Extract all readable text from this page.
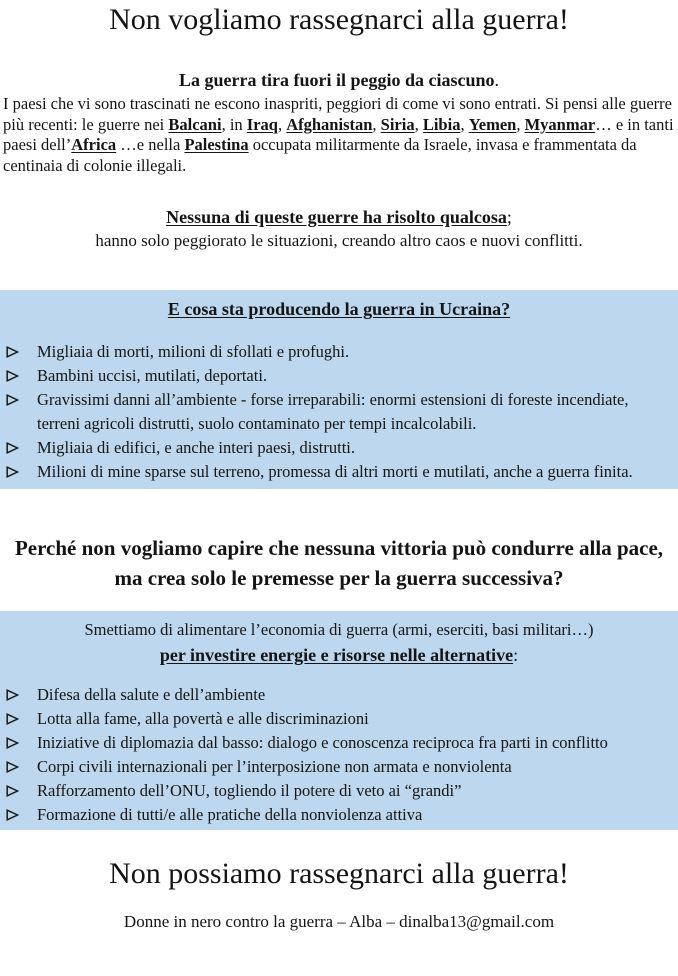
Non vogliamo rassegnarci alla guerra!

La guerra tira fuori il peggio da ciascuno.

I paesi che vi sono trascinati ne escono inaspriti, peggiori di come vi sono entrati. Si pensi alle guerre più recenti: le guerre nei Balcani, in Iraq, Afghanistan, Siria, Libia, Yemen, Myanmar… e in tanti paesi dell’Africa …e nella Palestina occupata militarmente da Israele, invasa e frammentata da centinaia di colonie illegali.

Nessuna di queste guerre ha risolto qualcosa;

hanno solo peggiorato le situazioni, creando altro caos e nuovi conflitti.

E cosa sta producendo la guerra in Ucraina?
Migliaia di morti, milioni di sfollati e profughi.
Bambini uccisi, mutilati, deportati.
Gravissimi danni all’ambiente - forse irreparabili: enormi estensioni di foreste incendiate, terreni agricoli distrutti, suolo contaminato per tempi incalcolabili.
Migliaia di edifici, e anche interi paesi, distrutti.
Milioni di mine sparse sul terreno, promessa di altri morti e mutilati, anche a guerra finita.
Perché non vogliamo capire che nessuna vittoria può condurre alla pace, ma crea solo le premesse per la guerra successiva?

Smettiamo di alimentare l’economia di guerra (armi, eserciti, basi militari…)

per investire energie e risorse nelle alternative:

Difesa della salute e dell’ambiente
Lotta alla fame, alla povertà e alle discriminazioni
Iniziative di diplomazia dal basso: dialogo e conoscenza reciproca fra parti in conflitto
Corpi civili internazionali per l’interposizione non armata e nonviolenta
Rafforzamento dell’ONU, togliendo il potere di veto ai “grandi”
Formazione di tutti/e alle pratiche della nonviolenza attiva
Non possiamo rassegnarci alla guerra!

Donne in nero contro la guerra – Alba – dinalba13@gmail.com
